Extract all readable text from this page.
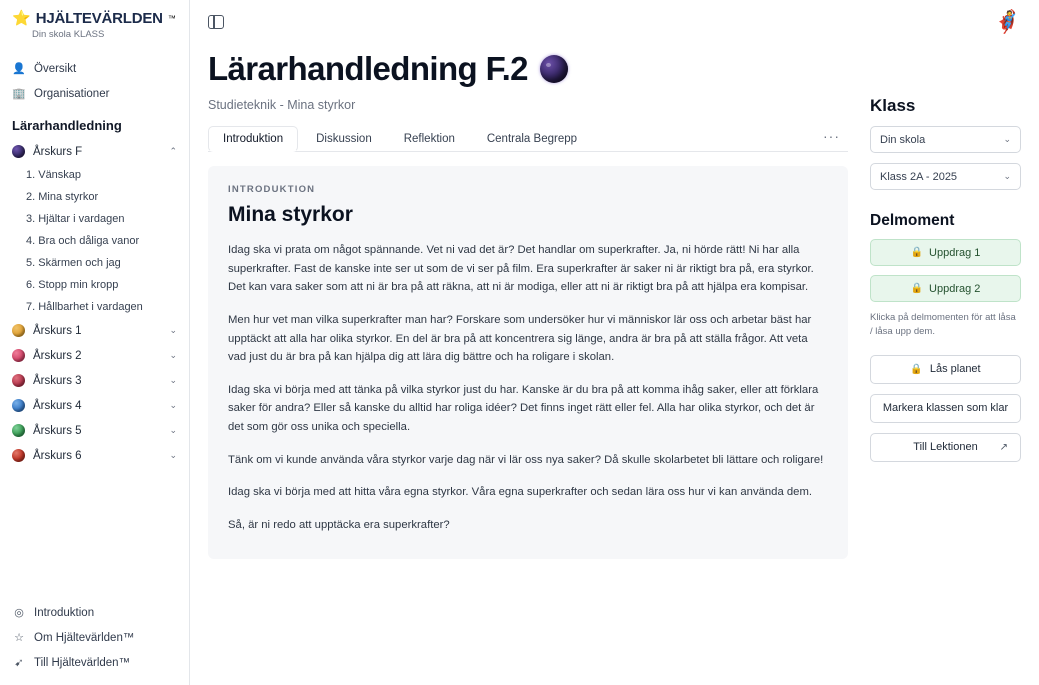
⭐ HJÄLTEVÄRLDEN ™
Din skola KLASS
👤 Översikt
🏢 Organisationer
Lärarhandledning
Årskurs F	⌃
1. Vänskap
2. Mina styrkor
3. Hjältar i vardagen
4. Bra och dåliga vanor
5. Skärmen och jag
6. Stopp min kropp
7. Hållbarhet i vardagen
Årskurs 1	⌄
Årskurs 2	⌄
Årskurs 3	⌄
Årskurs 4	⌄
Årskurs 5	⌄
Årskurs 6	⌄
◎ Introduktion
☆ Om Hjältevärlden™
➹ Till Hjältevärlden™
🦸
Lärarhandledning F.2
Studieteknik - Mina styrkor
Introduktion	Diskussion	Reflektion	Centrala Begrepp	···
INTRODUKTION
Mina styrkor

Idag ska vi prata om något spännande. Vet ni vad det är? Det handlar om superkrafter. Ja, ni hörde rätt! Ni har alla superkrafter. Fast de kanske inte ser ut som de vi ser på film. Era superkrafter är saker ni är riktigt bra på, era styrkor. Det kan vara saker som att ni är bra på att räkna, att ni är modiga, eller att ni är riktigt bra på att hjälpa era kompisar.

Men hur vet man vilka superkrafter man har? Forskare som undersöker hur vi människor lär oss och arbetar bäst har upptäckt att alla har olika styrkor. En del är bra på att koncentrera sig länge, andra är bra på att ställa frågor. Att veta vad just du är bra på kan hjälpa dig att lära dig bättre och ha roligare i skolan.

Idag ska vi börja med att tänka på vilka styrkor just du har. Kanske är du bra på att komma ihåg saker, eller att förklara saker för andra? Eller så kanske du alltid har roliga idéer? Det finns inget rätt eller fel. Alla har olika styrkor, och det är det som gör oss unika och speciella.

Tänk om vi kunde använda våra styrkor varje dag när vi lär oss nya saker? Då skulle skolarbetet bli lättare och roligare!

Idag ska vi börja med att hitta våra egna styrkor. Våra egna superkrafter och sedan lära oss hur vi kan använda dem.

Så, är ni redo att upptäcka era superkrafter?

Klass
Din skola	⌄
Klass 2A - 2025	⌄
Delmoment
🔒 Uppdrag 1
🔒 Uppdrag 2
Klicka på delmomenten för att låsa / låsa upp dem.
🔒 Lås planet
Markera klassen som klar
Till Lektionen ↗
